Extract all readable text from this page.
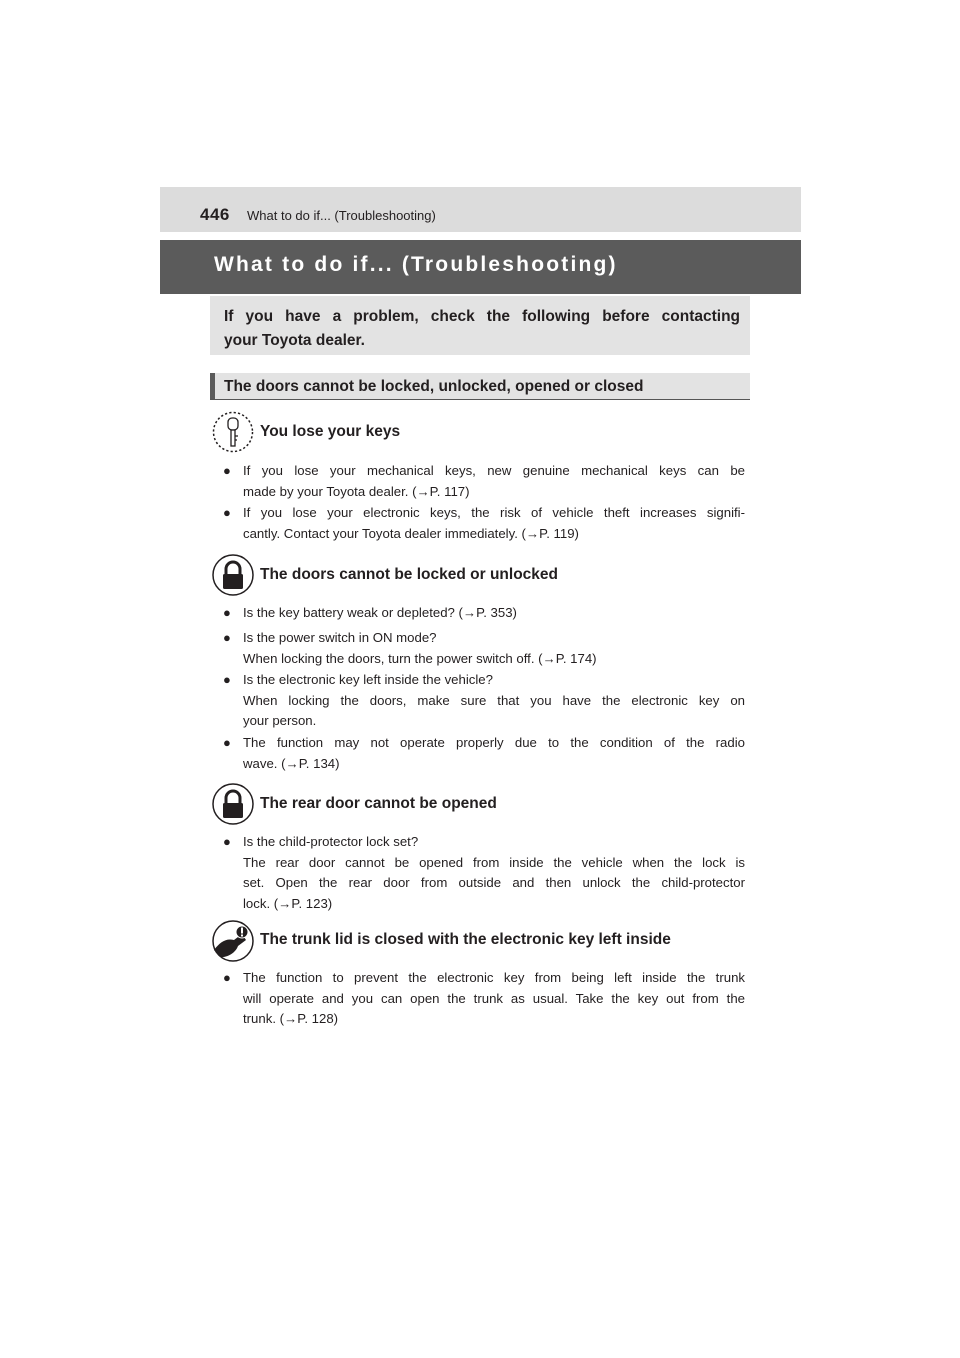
446 What to do if... (Troubleshooting)
What to do if... (Troubleshooting)
If you have a problem, check the following before contacting
your Toyota dealer.
The doors cannot be locked, unlocked, opened or closed
You lose your keys
● If you lose your mechanical keys, new genuine mechanical keys can be
made by your Toyota dealer. (→P. 117)
● If you lose your electronic keys, the risk of vehicle theft increases signifi-
cantly. Contact your Toyota dealer immediately. (→P. 119)
The doors cannot be locked or unlocked
● Is the key battery weak or depleted? (→P. 353)
● Is the power switch in ON mode?
When locking the doors, turn the power switch off. (→P. 174)
● Is the electronic key left inside the vehicle?
When locking the doors, make sure that you have the electronic key on
your person.
● The function may not operate properly due to the condition of the radio
wave. (→P. 134)
The rear door cannot be opened
● Is the child-protector lock set?
The rear door cannot be opened from inside the vehicle when the lock is
set. Open the rear door from outside and then unlock the child-protector
lock. (→P. 123)
The trunk lid is closed with the electronic key left inside
● The function to prevent the electronic key from being left inside the trunk
will operate and you can open the trunk as usual. Take the key out from the
trunk. (→P. 128)
